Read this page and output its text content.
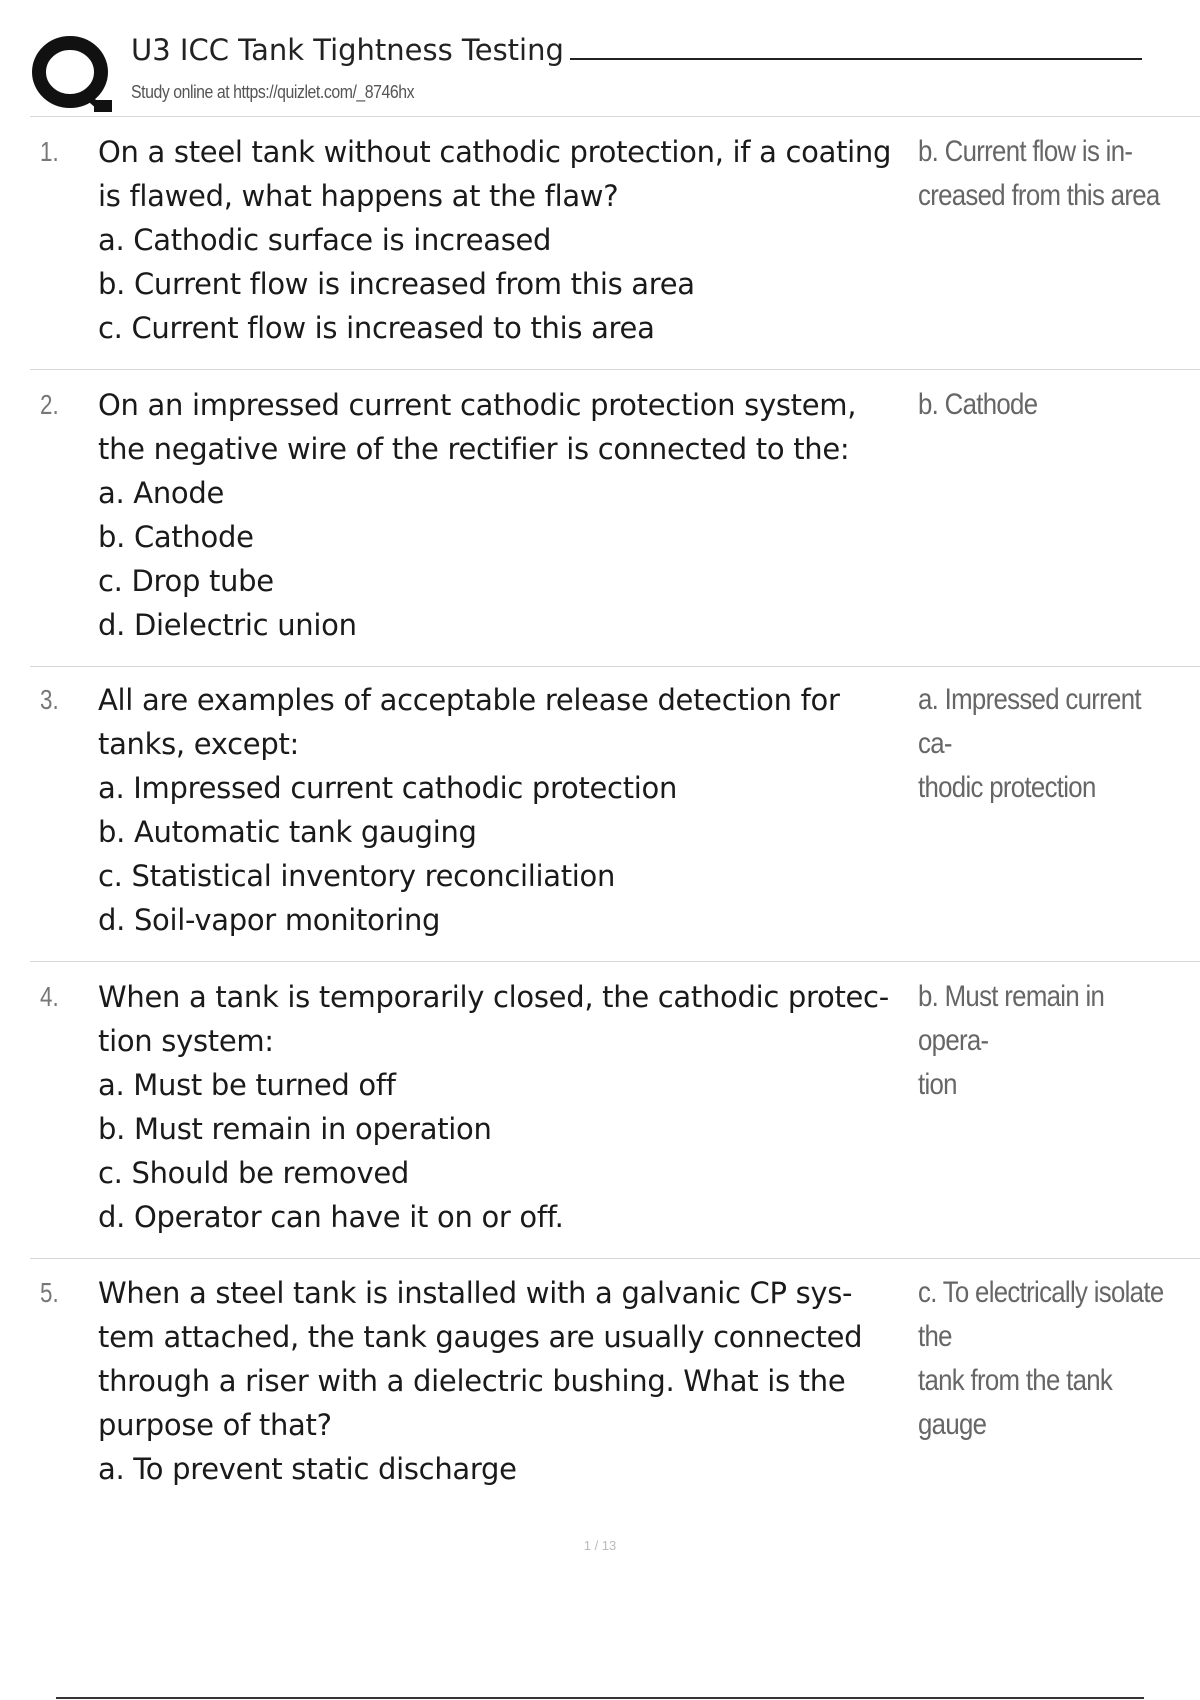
U3 ICC Tank Tightness Testing
Study online at https://quizlet.com/_8746hx
1. On a steel tank without cathodic protection, if a coating
is flawed, what happens at the flaw?
a. Cathodic surface is increased
b. Current flow is increased from this area
c. Current flow is increased to this area
b. Current flow is in-
creased from this area
2. On an impressed current cathodic protection system,
the negative wire of the rectifier is connected to the:
a. Anode
b. Cathode
c. Drop tube
d. Dielectric union
b. Cathode
3. All are examples of acceptable release detection for
tanks, except:
a. Impressed current cathodic protection
b. Automatic tank gauging
c. Statistical inventory reconciliation
d. Soil-vapor monitoring
a. Impressed current ca-
thodic protection
4. When a tank is temporarily closed, the cathodic protec-
tion system:
a. Must be turned off
b. Must remain in operation
c. Should be removed
d. Operator can have it on or off.
b. Must remain in opera-
tion
5. When a steel tank is installed with a galvanic CP sys-
tem attached, the tank gauges are usually connected
through a riser with a dielectric bushing. What is the
purpose of that?
a. To prevent static discharge
c. To electrically isolate the
tank from the tank gauge
1 / 13
